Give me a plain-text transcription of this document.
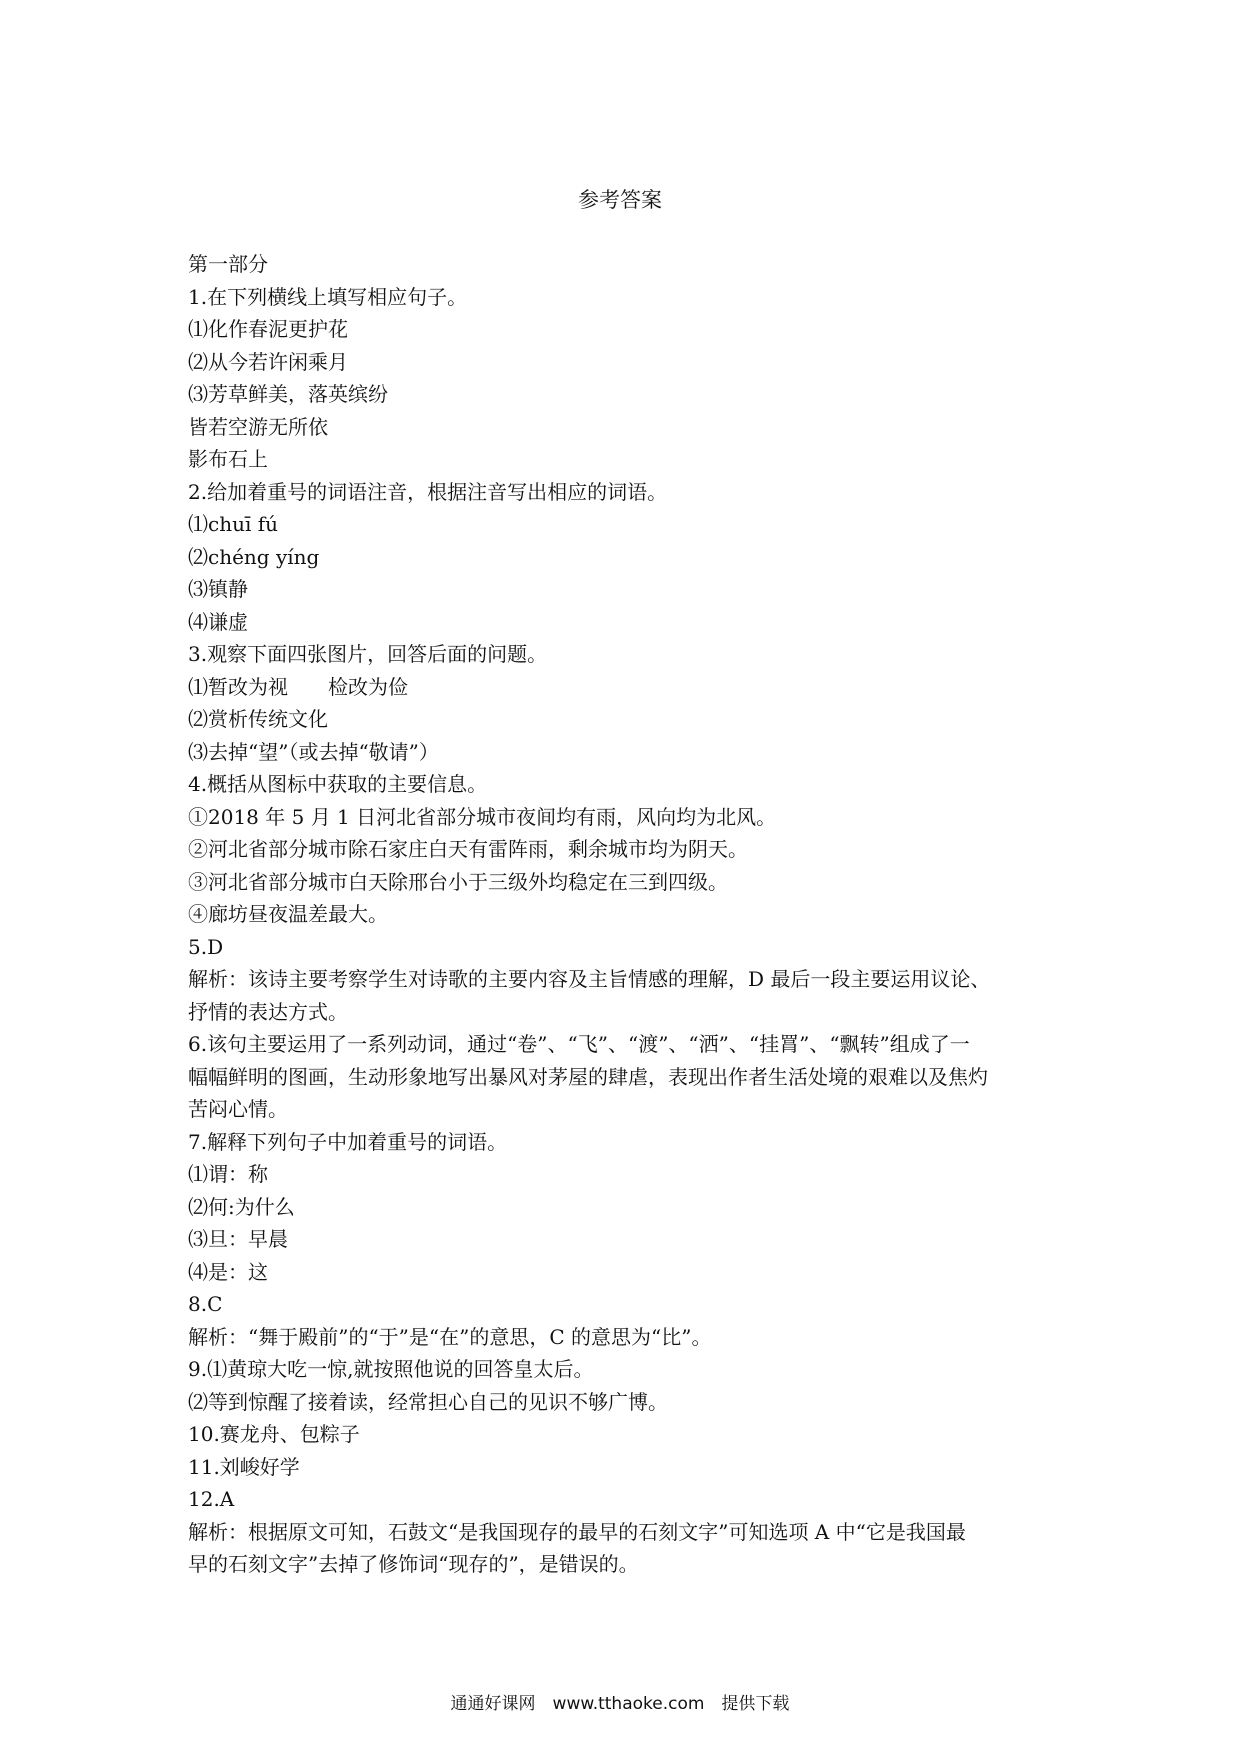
参考答案
第一部分
1.在下列横线上填写相应句子。
⑴化作春泥更护花
⑵从今若许闲乘月
⑶芳草鲜美，落英缤纷
皆若空游无所依
影布石上
2.给加着重号的词语注音，根据注音写出相应的词语。
⑴chuī fú
⑵chéng yíng
⑶镇静
⑷谦虚
3.观察下面四张图片，回答后面的问题。
⑴暂改为视　　检改为俭
⑵赏析传统文化
⑶去掉“望”（或去掉“敬请”）
4.概括从图标中获取的主要信息。
①2018 年 5 月 1 日河北省部分城市夜间均有雨，风向均为北风。
②河北省部分城市除石家庄白天有雷阵雨，剩余城市均为阴天。
③河北省部分城市白天除邢台小于三级外均稳定在三到四级。
④廊坊昼夜温差最大。
5.D
解析：该诗主要考察学生对诗歌的主要内容及主旨情感的理解，D 最后一段主要运用议论、
抒情的表达方式。
6.该句主要运用了一系列动词，通过“卷”、“飞”、“渡”、“洒”、“挂罥”、“飘转”组成了一
幅幅鲜明的图画，生动形象地写出暴风对茅屋的肆虐，表现出作者生活处境的艰难以及焦灼
苦闷心情。
7.解释下列句子中加着重号的词语。
⑴谓：称
⑵何:为什么
⑶旦：早晨
⑷是：这
8.C
解析：“舞于殿前”的“于”是“在”的意思，C 的意思为“比”。
9.⑴黄琼大吃一惊,就按照他说的回答皇太后。
⑵等到惊醒了接着读，经常担心自己的见识不够广博。
10.赛龙舟、包粽子
11.刘峻好学
12.A
解析：根据原文可知，石鼓文“是我国现存的最早的石刻文字”可知选项 A 中“它是我国最
早的石刻文字”去掉了修饰词“现存的”，是错误的。
通通好课网　www.tthaoke.com　提供下载
